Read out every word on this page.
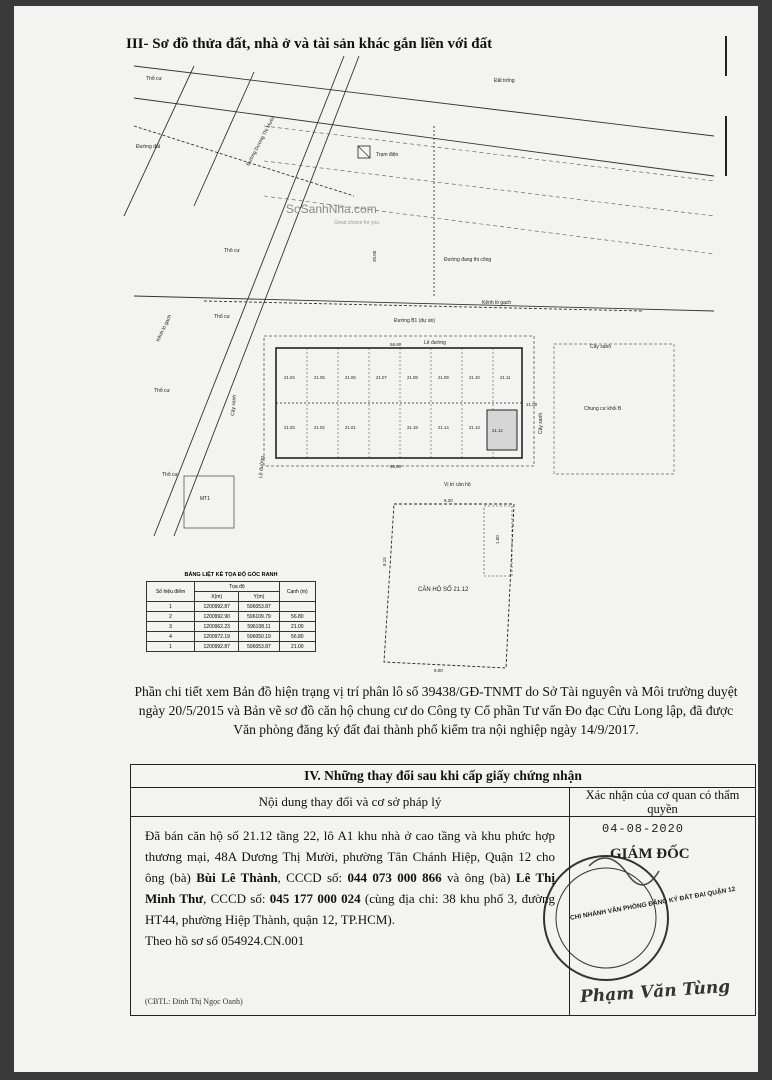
III- Sơ đồ thửa đất, nhà ở và tài sản khác gắn liền với đất
Thổ cư	Đất trống
Đường đất
Trạm điện
Đường đang thi công
Kênh lò gạch
Đường B1 (dự án)
Lề đường
Cây xanh
Chung cư khối B
Vị trí căn hộ
CĂN HỘ SỐ 21.12
MT1
Thổ cư
Thổ cư
Thổ cư
Thổ cư
Đường Dương Thị Mười
Kênh lò gạch
56.80
56.80
21.00
20.00
6.20
9.00
8.15
1.60
Cây xanh
Lề đường
Cây xanh
21.04	21.05	21.06	21.07	21.08	21.09	21.10	21.11
21.03	21.02	21.01	21.15	21.14	21.13
21.12
CHI NHÁNH VĂN PHÒNG ĐĂNG KÝ ĐẤT ĐAI QUẬN 12
SoSanhNha.com
Great choice for you
BẢNG LIỆT KÊ TỌA ĐỘ GÓC RANH
Số hiệu điểm	Tọa độ		Cạnh (m)
	X(m)	Y(m)	
1	1200992.87	596053.87	
2	1200992.90	596109.79	56.80
3	1200962.23	596108.11	21.00
4	1200972.19	596050.19	56.80
1	1200992.87	596053.87	21.00
Phần chi tiết xem Bản đồ hiện trạng vị trí phân lô số 39438/GĐ-TNMT do Sở Tài nguyên và Môi trường duyệt ngày 20/5/2015 và Bản vẽ sơ đồ căn hộ chung cư do Công ty Cổ phần Tư vấn Đo đạc Cửu Long lập, đã được Văn phòng đăng ký đất đai thành phố kiểm tra nội nghiệp ngày 14/9/2017.
IV. Những thay đổi sau khi cấp giấy chứng nhận
Nội dung thay đổi và cơ sở pháp lý	Xác nhận của cơ quan có thẩm quyền
Đã bán căn hộ số 21.12 tầng 22, lô A1 khu nhà ở cao tầng và khu phức hợp thương mại, 48A Dương Thị Mười, phường Tân Chánh Hiệp, Quận 12 cho ông (bà) Bùi Lê Thành, CCCD số: 044 073 000 866 và ông (bà) Lê Thị Minh Thư, CCCD số: 045 177 000 024 (cùng địa chỉ: 38 khu phố 3, đường HT44, phường Hiệp Thành, quận 12, TP.HCM).
Theo hồ sơ số 054924.CN.001
(CBTL: Đinh Thị Ngọc Oanh)
04-08-2020
GIÁM ĐỐC
Phạm Văn Tùng
